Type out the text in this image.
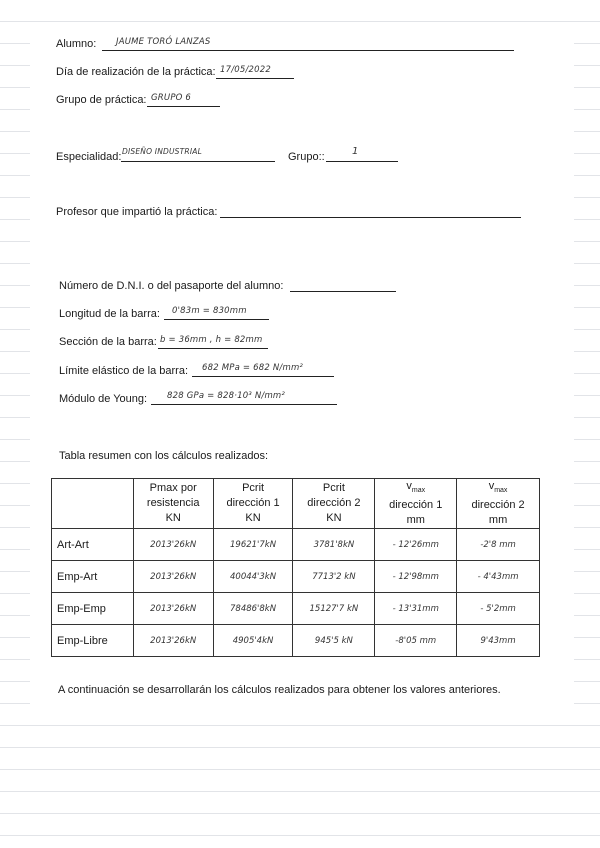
Alumno: JAUME TORÓ LANZAS
Día de realización de la práctica: 17/05/2022
Grupo de práctica: GRUPO 6
Especialidad: DISEÑO INDUSTRIAL	Grupo::	1
Profesor que impartió la práctica:
Número de D.N.I. o del pasaporte del alumno:
Longitud de la barra: 0'83m = 830mm
Sección de la barra: b = 36mm , h = 82mm
Límite elástico de la barra: 682 MPa = 682 N/mm²
Módulo de Young: 828 GPa = 828·10³ N/mm²
Tabla resumen con los cálculos realizados:
	Pmax por
resistencia
KN	Pcrit
dirección 1
KN	Pcrit
dirección 2
KN	$v_{max}$
dirección 1
mm	$v_{max}$
dirección 2
mm
Art-Art	2013'26kN	19621'7kN	3781'8kN	- 12'26mm	-2'8 mm
Emp-Art	2013'26kN	40044'3kN	7713'2 kN	- 12'98mm	- 4'43mm
Emp-Emp	2013'26kN	78486'8kN	15127'7 kN	- 13'31mm	- 5'2mm
Emp-Libre	2013'26kN	4905'4kN	945'5 kN	-8'05 mm	9'43mm
A continuación se desarrollarán los cálculos realizados para obtener los valores anteriores.
